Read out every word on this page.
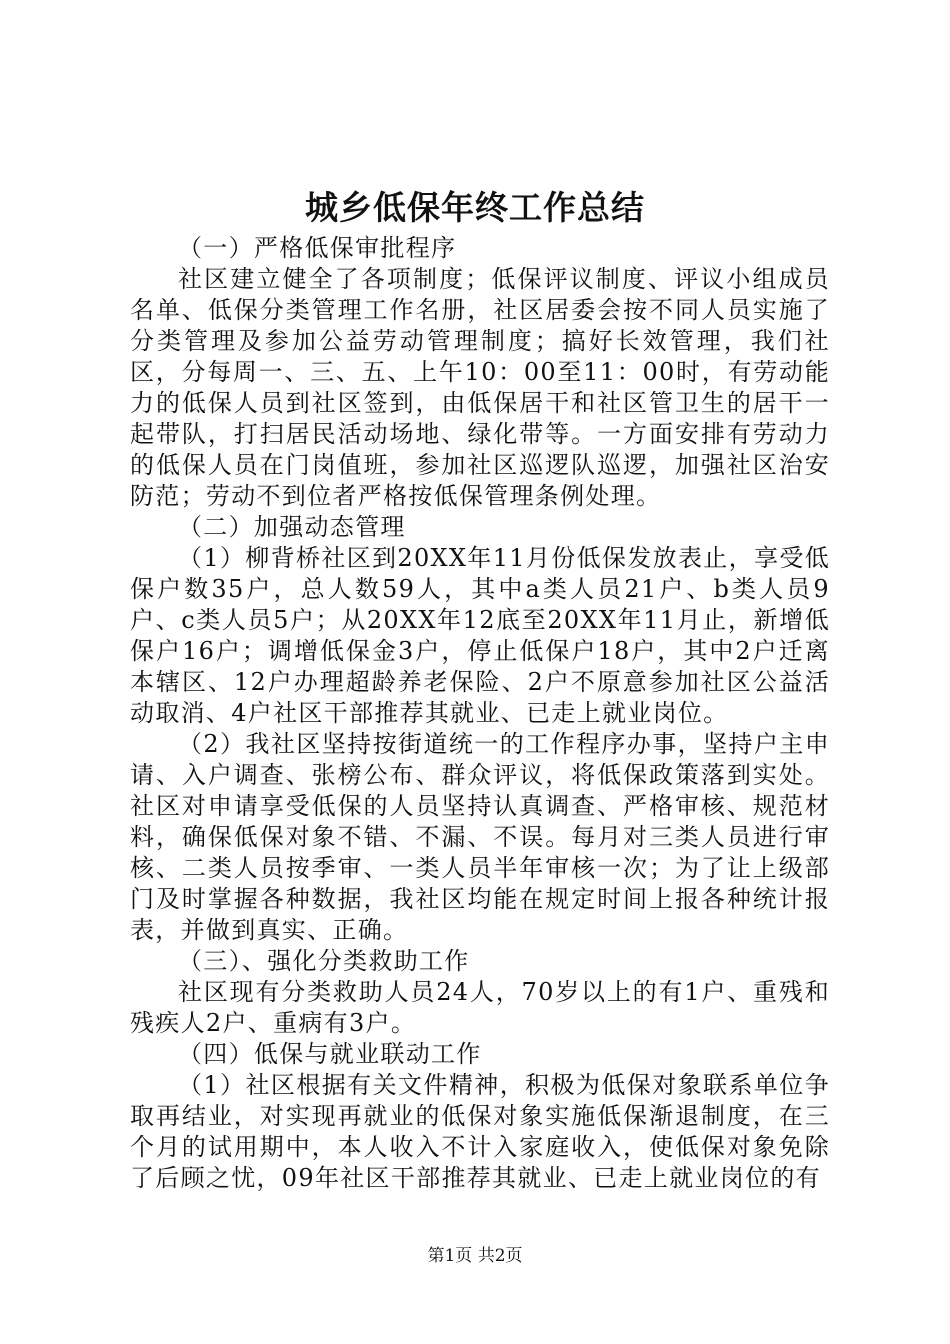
城乡低保年终工作总结

（一）严格低保审批程序

社区建立健全了各项制度；低保评议制度、评议小组成员名单、低保分类管理工作名册，社区居委会按不同人员实施了分类管理及参加公益劳动管理制度；搞好长效管理，我们社区，分每周一、三、五、上午10：00至11：00时，有劳动能力的低保人员到社区签到，由低保居干和社区管卫生的居干一起带队，打扫居民活动场地、绿化带等。一方面安排有劳动力的低保人员在门岗值班，参加社区巡逻队巡逻，加强社区治安防范；劳动不到位者严格按低保管理条例处理。

（二）加强动态管理

（1）柳背桥社区到20XX年11月份低保发放表止，享受低保户数35户，总人数59人，其中a类人员21户、b类人员9户、c类人员5户；从20XX年12底至20XX年11月止，新增低保户16户；调增低保金3户，停止低保户18户，其中2户迁离本辖区、12户办理超龄养老保险、2户不原意参加社区公益活动取消、4户社区干部推荐其就业、已走上就业岗位。

（2）我社区坚持按街道统一的工作程序办事，坚持户主申请、入户调查、张榜公布、群众评议，将低保政策落到实处。社区对申请享受低保的人员坚持认真调查、严格审核、规范材料，确保低保对象不错、不漏、不误。每月对三类人员进行审核、二类人员按季审、一类人员半年审核一次；为了让上级部门及时掌握各种数据，我社区均能在规定时间上报各种统计报表，并做到真实、正确。

（三）、强化分类救助工作

社区现有分类救助人员24人，70岁以上的有1户、重残和残疾人2户、重病有3户。

（四）低保与就业联动工作

（1）社区根据有关文件精神，积极为低保对象联系单位争取再结业，对实现再就业的低保对象实施低保渐退制度，在三个月的试用期中，本人收入不计入家庭收入，使低保对象免除了后顾之忧，09年社区干部推荐其就业、已走上就业岗位的有

第1页 共2页
